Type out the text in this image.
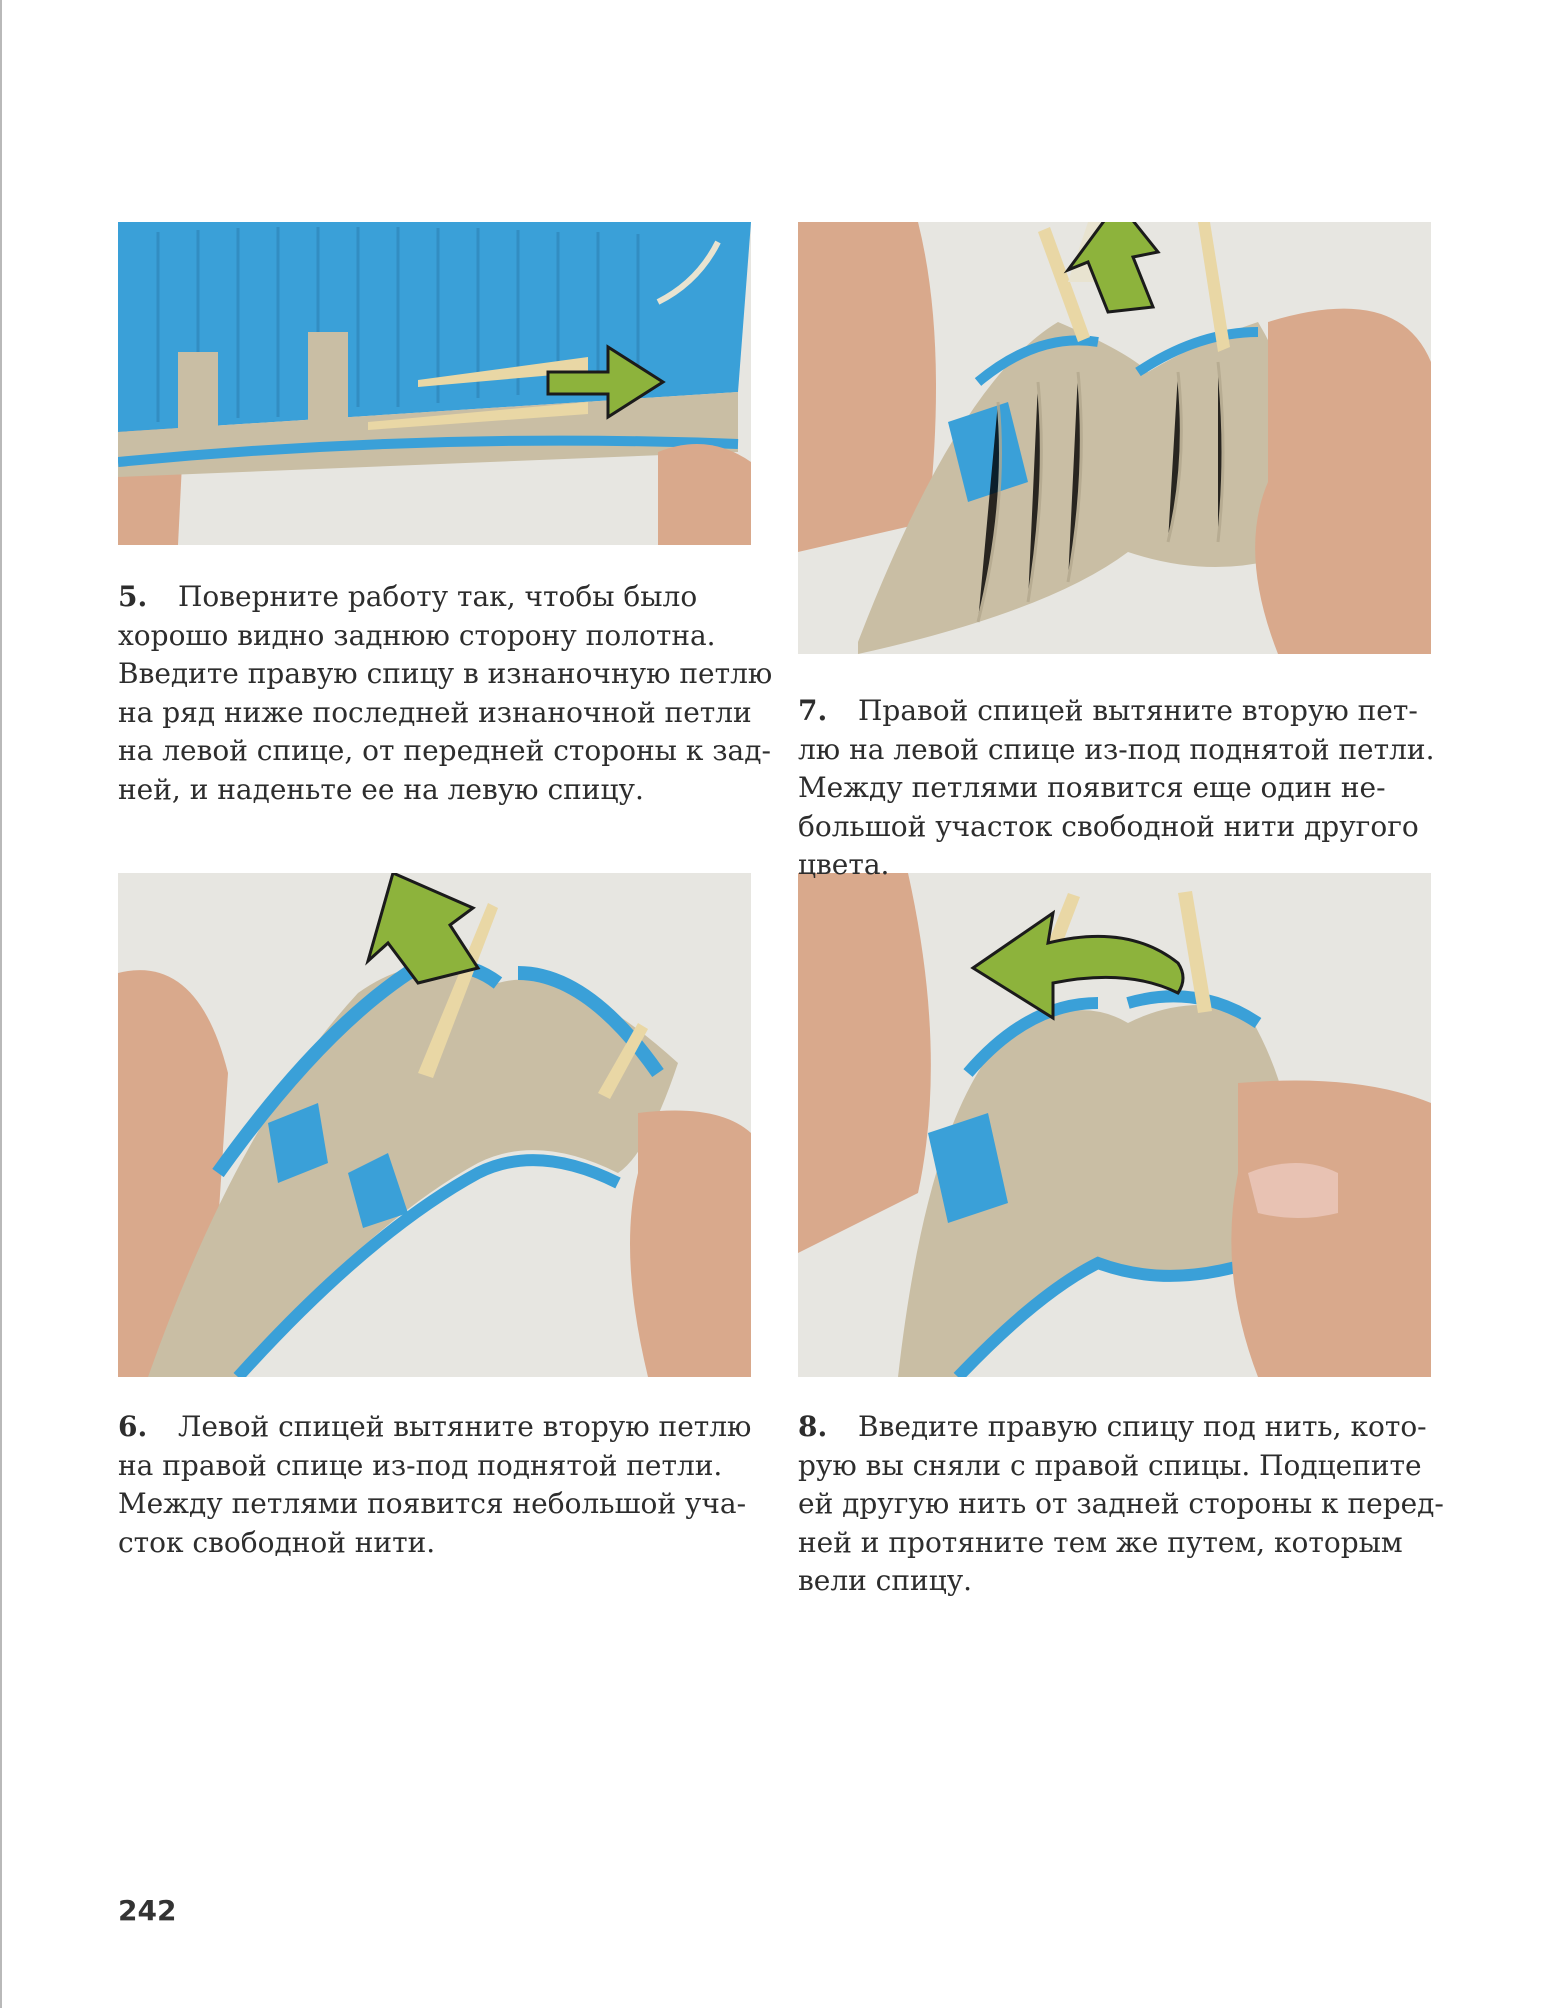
5. Поверните работу так, чтобы было
хорошо видно заднюю сторону полотна.
Введите правую спицу в изнаночную петлю
на ряд ниже последней изнаночной петли
на левой спице, от передней стороны к зад-
ней, и наденьте ее на левую спицу.
7. Правой спицей вытяните вторую пет-
лю на левой спице из-под поднятой петли.
Между петлями появится еще один не-
большой участок свободной нити другого
цвета.
6. Левой спицей вытяните вторую петлю
на правой спице из-под поднятой петли.
Между петлями появится небольшой уча-
сток свободной нити.
8. Введите правую спицу под нить, кото-
рую вы сняли с правой спицы. Подцепите
ей другую нить от задней стороны к перед-
ней и протяните тем же путем, которым
вели спицу.
242
